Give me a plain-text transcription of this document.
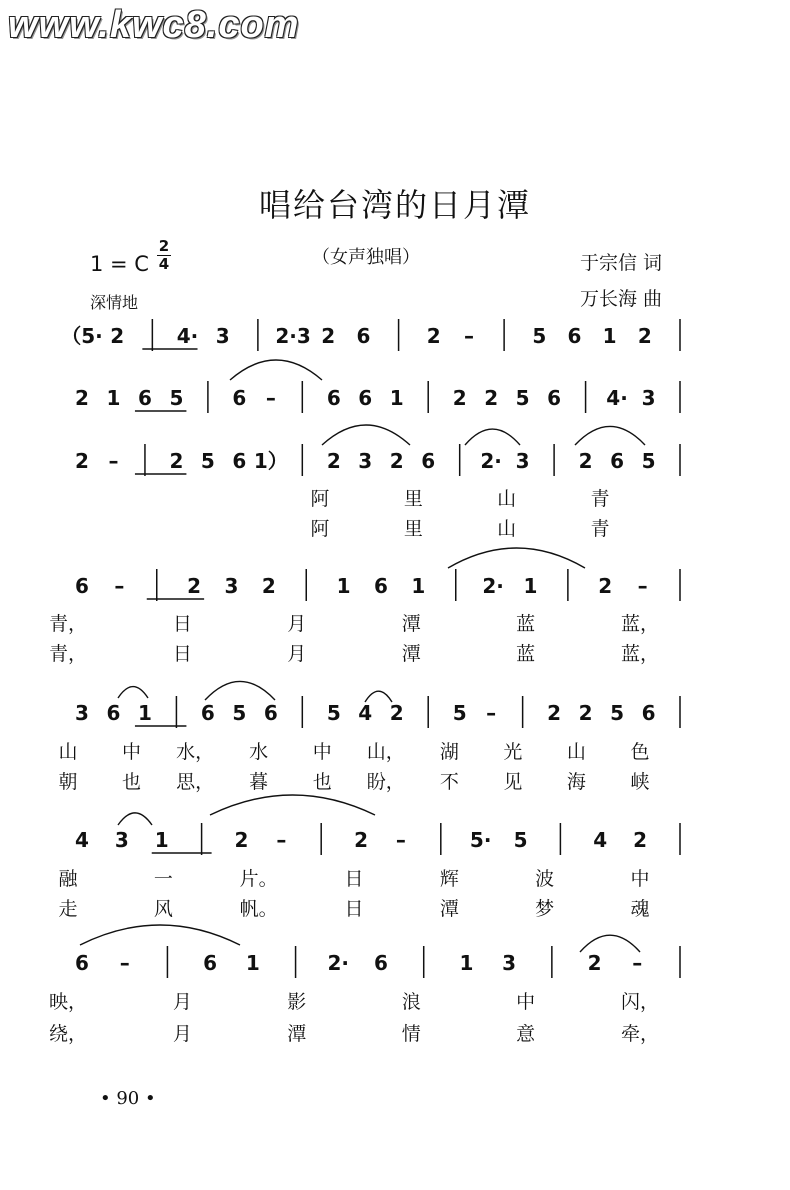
www.kwc8.com
唱给台湾的日月潭
1 = C
2
4	（女声独唱）	于宗信 词
万长海 曲
深情地
（5· 2	4· 3 2·3 2 6	2 –	5 6 1 2
2 1 6 5 6 –	6 6 1 2 2 5 6 4· 3
2 –	2 5 6 1） 2 3 2 6 2· 3 2 6 5
阿	里	山	青
阿	里	山	青
6 –	2 3 2	1 6 1	2· 1	2 –
青，	日	月	潭	蓝	蓝，
青，	日	月	潭	蓝	蓝，
3 6 1 6 5 6 5 4 2 5 –	2 2 5 6
山 中 水， 水 中 山， 湖 光 山 色
朝 也 思， 暮 也 盼， 不 见 海 峡
4 3 1	2 –	2 –	5· 5	4 2
融	一	片。	日	辉	波	中
走	风	帆。	日	潭	梦	魂
6 –	6 1	2· 6	1 3	2 –
映，	月	影	浪	中	闪，
绕，	月	潭	情	意	牵，
• 90 •
